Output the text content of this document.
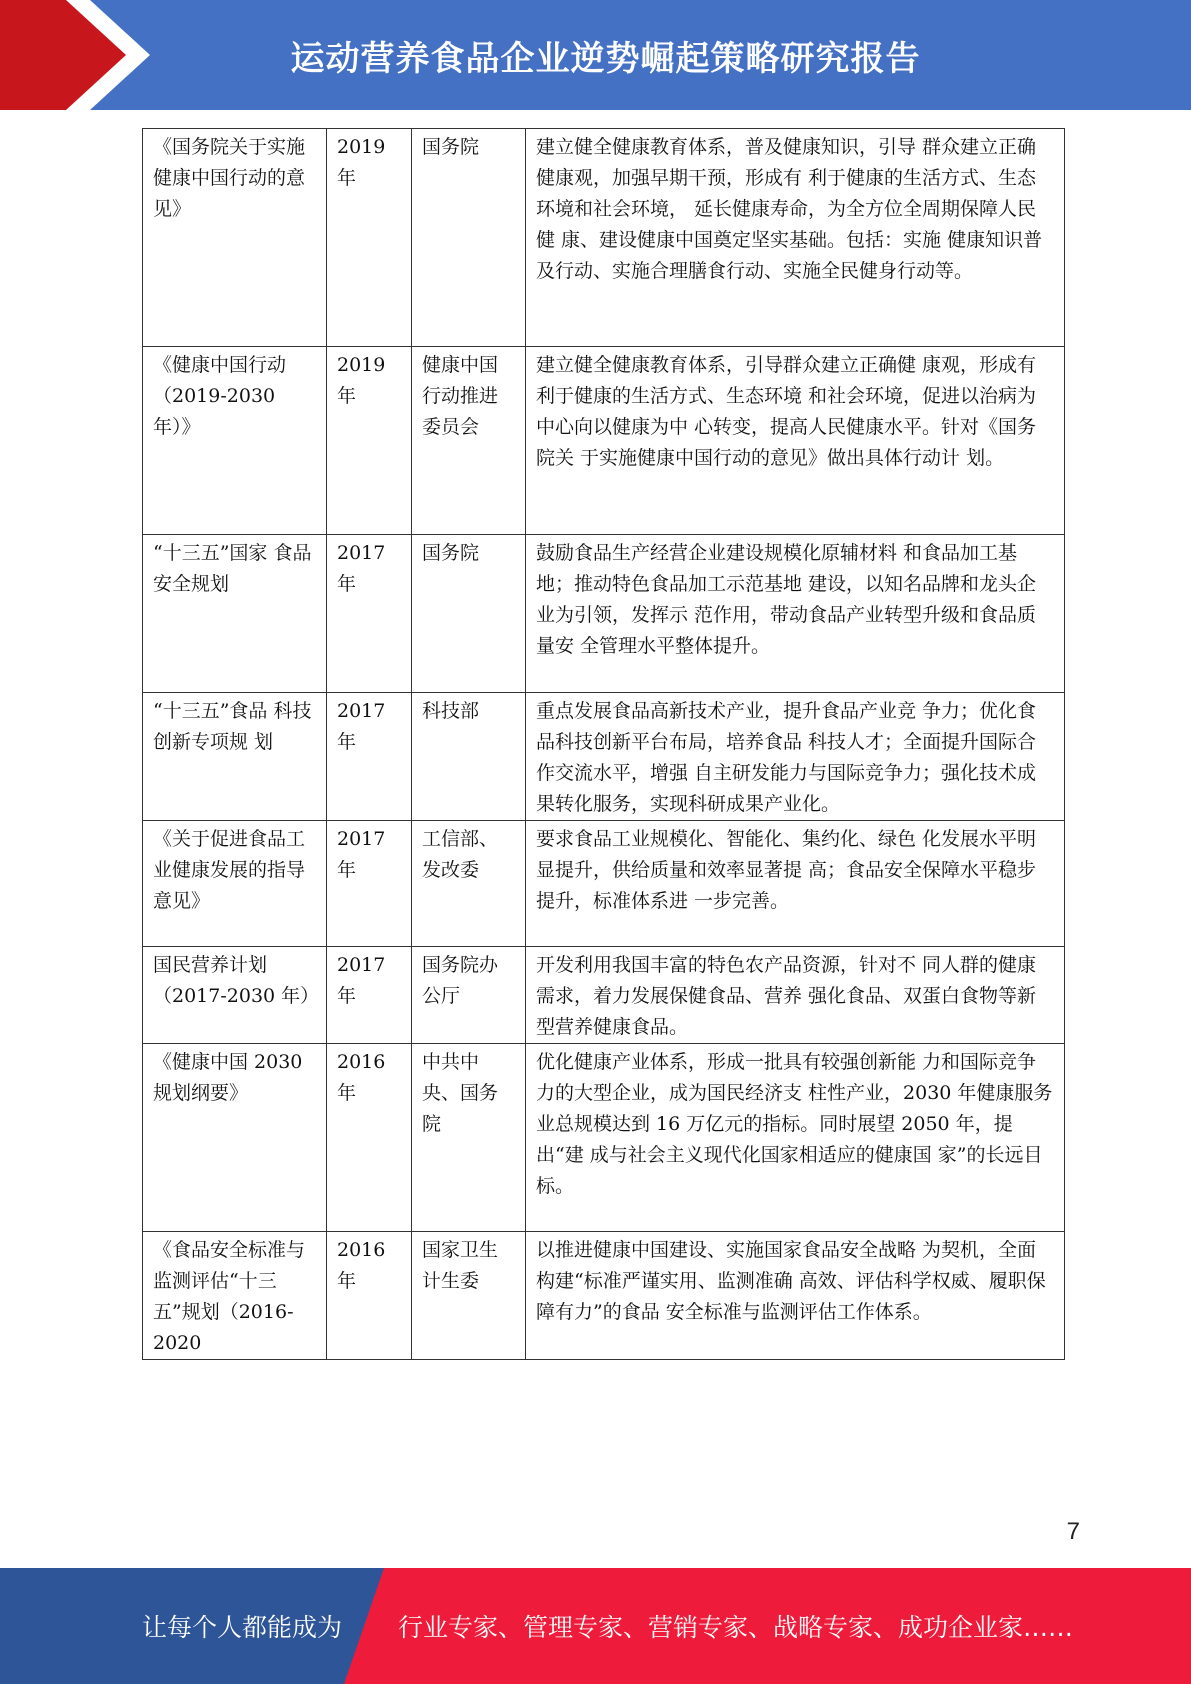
运动营养食品企业逆势崛起策略研究报告
《国务院关于实施健康中国行动的意见》	2019 年	国务院	建立健全健康教育体系，普及健康知识，引导 群众建立正确健康观，加强早期干预，形成有 利于健康的生活方式、生态环境和社会环境， 延长健康寿命，为全方位全周期保障人民健 康、建设健康中国奠定坚实基础。包括：实施 健康知识普及行动、实施合理膳食行动、实施全民健身行动等。
《健康中国行动（2019-2030 年）》	2019 年	健康中国行动推进委员会	建立健全健康教育体系，引导群众建立正确健 康观，形成有利于健康的生活方式、生态环境 和社会环境，促进以治病为中心向以健康为中 心转变，提高人民健康水平。针对《国务院关 于实施健康中国行动的意见》做出具体行动计 划。
“十三五”国家 食品安全规划	2017 年	国务院	鼓励食品生产经营企业建设规模化原辅材料 和食品加工基地；推动特色食品加工示范基地 建设，以知名品牌和龙头企业为引领，发挥示 范作用，带动食品产业转型升级和食品质量安 全管理水平整体提升。
“十三五”食品 科技创新专项规 划	2017 年	科技部	重点发展食品高新技术产业，提升食品产业竞 争力；优化食品科技创新平台布局，培养食品 科技人才；全面提升国际合作交流水平，增强 自主研发能力与国际竞争力；强化技术成果转化服务，实现科研成果产业化。
《关于促进食品工业健康发展的指导意见》	2017 年	工信部、发改委	要求食品工业规模化、智能化、集约化、绿色 化发展水平明显提升，供给质量和效率显著提 高；食品安全保障水平稳步提升，标准体系进 一步完善。
国民营养计划（2017-2030 年）	2017 年	国务院办公厅	开发利用我国丰富的特色农产品资源，针对不 同人群的健康需求，着力发展保健食品、营养 强化食品、双蛋白食物等新型营养健康食品。
《健康中国 2030 规划纲要》	2016 年	中共中央、国务院	优化健康产业体系，形成一批具有较强创新能 力和国际竞争力的大型企业，成为国民经济支 柱性产业，2030 年健康服务业总规模达到 16 万亿元的指标。同时展望 2050 年，提出“建 成与社会主义现代化国家相适应的健康国 家”的长远目标。
《食品安全标准与监测评估“十三五”规划（2016-2020	2016 年	国家卫生 计生委	以推进健康中国建设、实施国家食品安全战略 为契机，全面构建“标准严谨实用、监测准确 高效、评估科学权威、履职保障有力”的食品 安全标准与监测评估工作体系。
7
让每个人都能成为 行业专家、管理专家、营销专家、战略专家、成功企业家……
